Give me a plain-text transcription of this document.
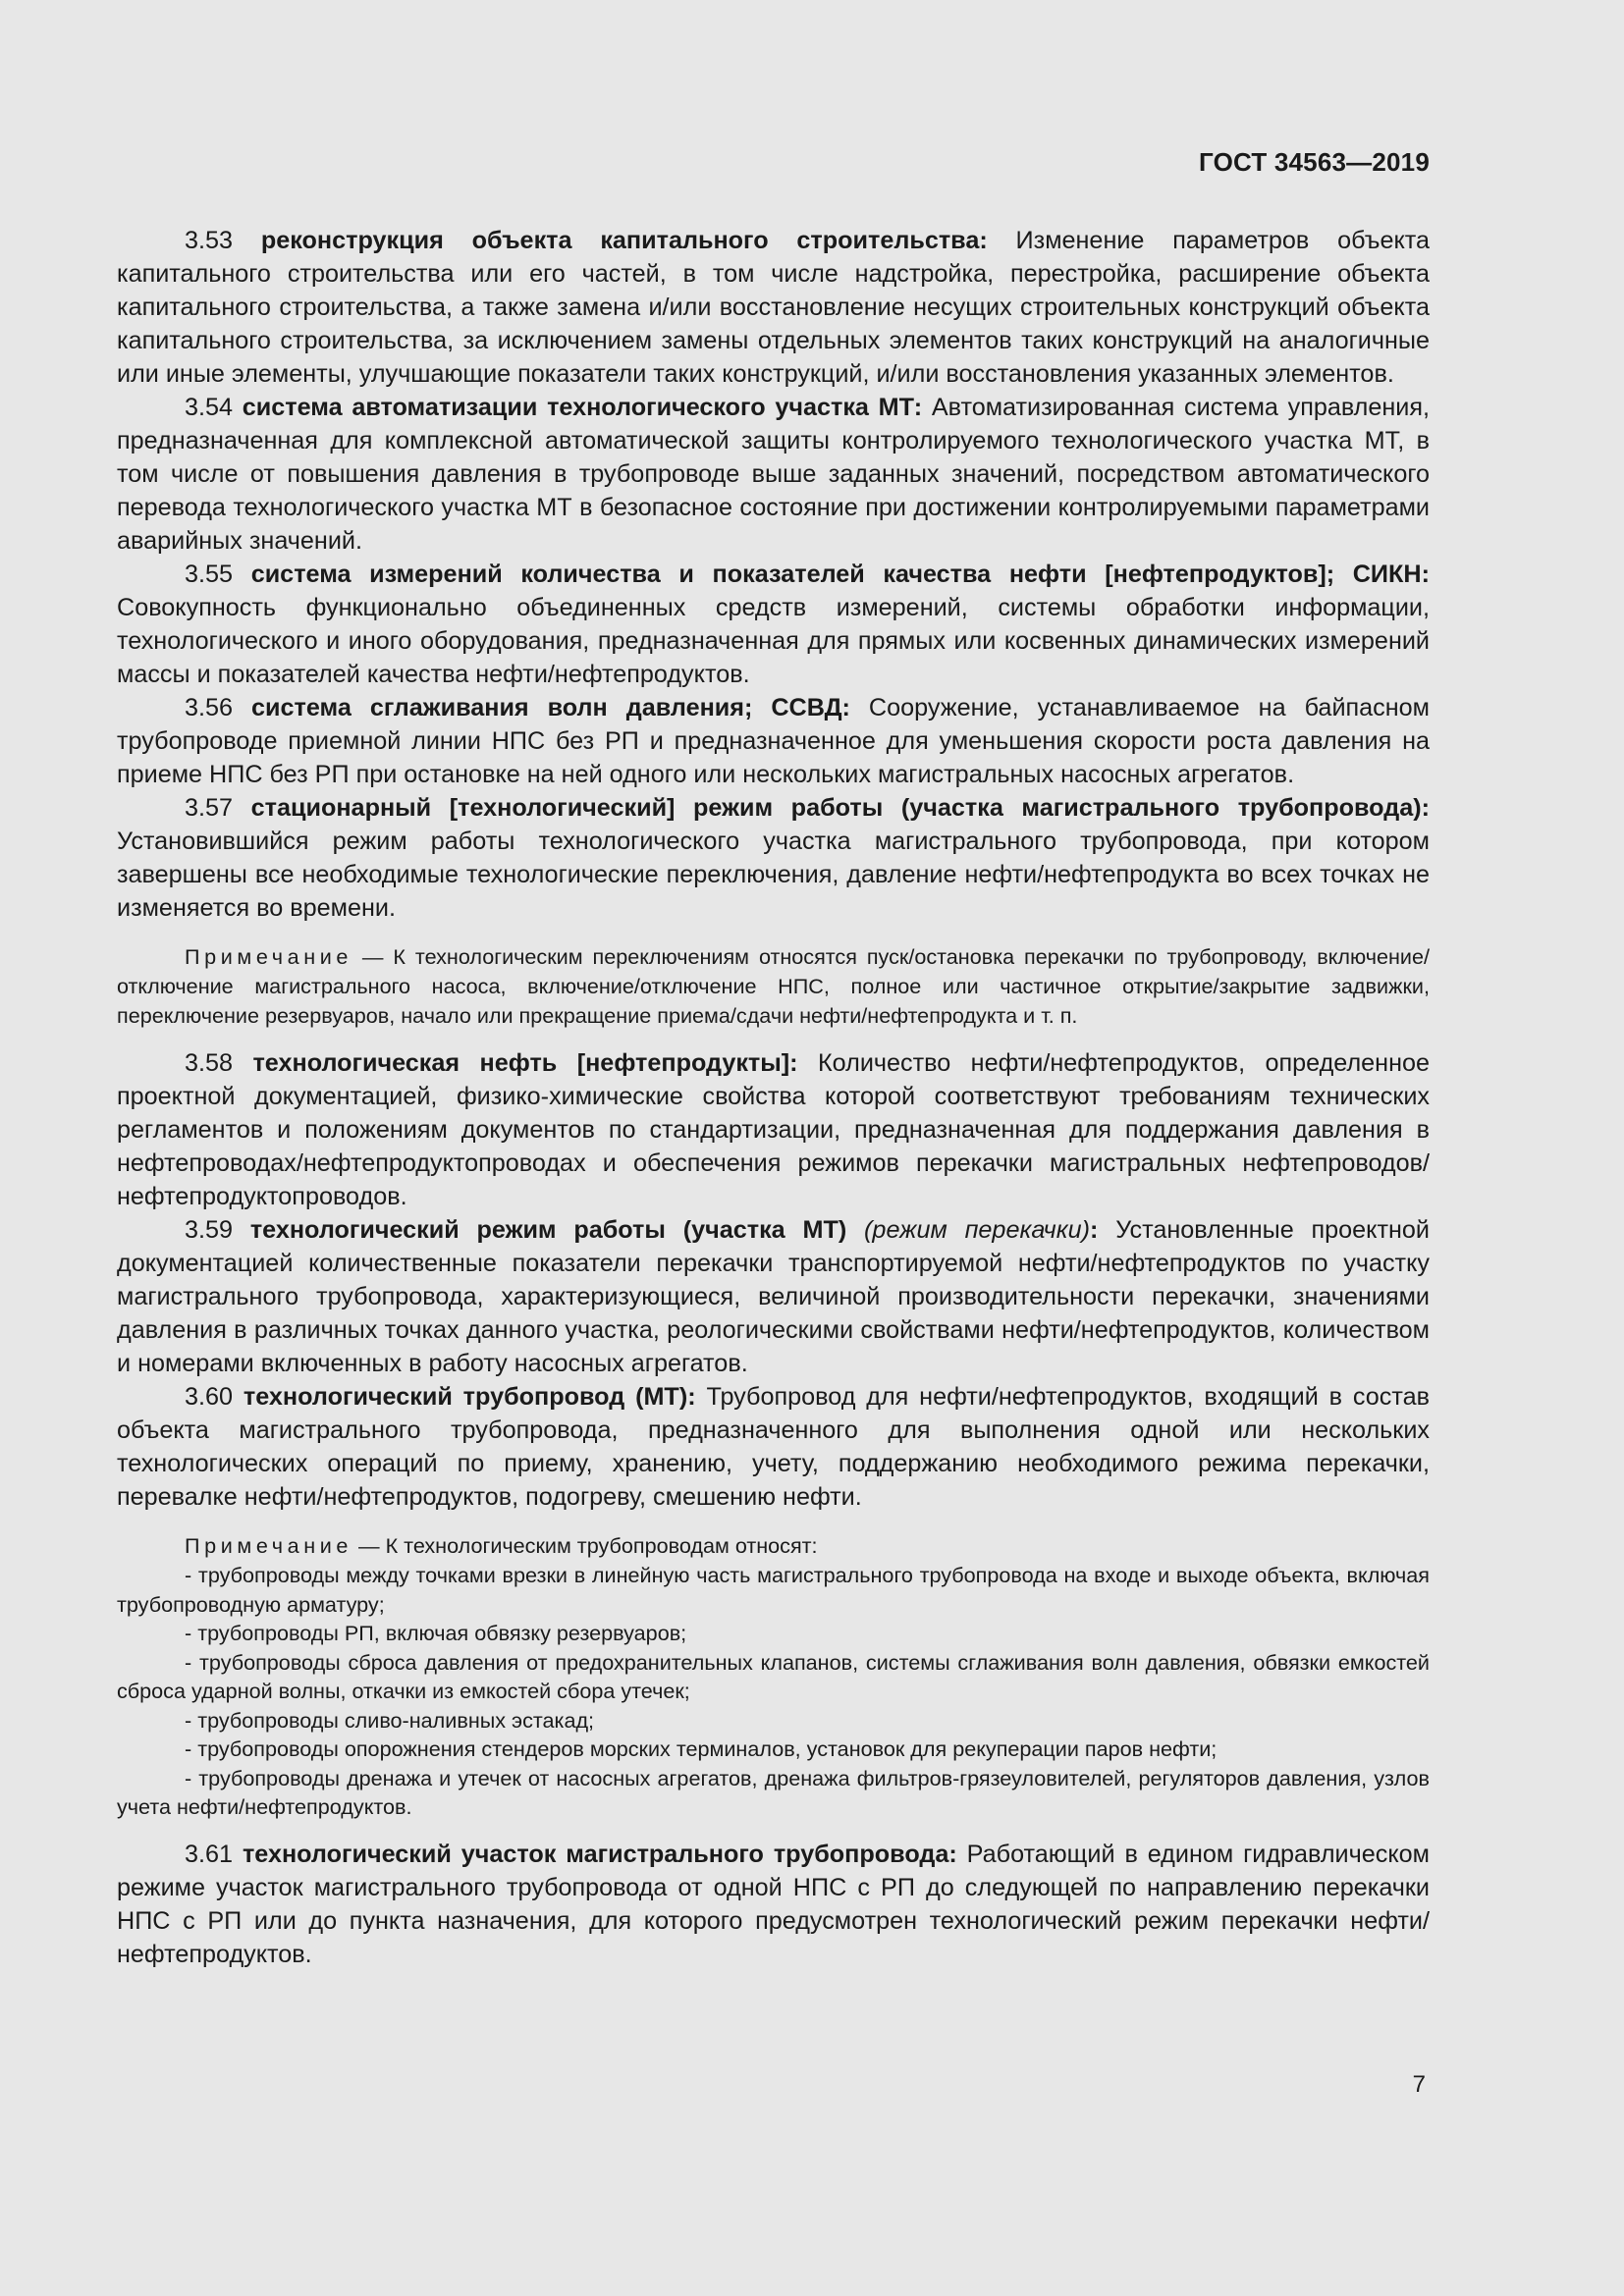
ГОСТ 34563—2019

3.53 реконструкция объекта капитального строительства: Изменение параметров объекта капитального строительства или его частей, в том числе надстройка, перестройка, расширение объекта капитального строительства, а также замена и/или восстановление несущих строительных конструкций объекта капитального строительства, за исключением замены отдельных элементов таких конструкций на аналогичные или иные элементы, улучшающие показатели таких конструкций, и/или восстановления указанных элементов.

3.54 система автоматизации технологического участка МТ: Автоматизированная система управления, предназначенная для комплексной автоматической защиты контролируемого технологического участка МТ, в том числе от повышения давления в трубопроводе выше заданных значений, посредством автоматического перевода технологического участка МТ в безопасное состояние при достижении контролируемыми параметрами аварийных значений.

3.55 система измерений количества и показателей качества нефти [нефтепродуктов]; СИКН: Совокупность функционально объединенных средств измерений, системы обработки информации, технологического и иного оборудования, предназначенная для прямых или косвенных динамических измерений массы и показателей качества нефти/нефтепродуктов.

3.56 система сглаживания волн давления; ССВД: Сооружение, устанавливаемое на байпасном трубопроводе приемной линии НПС без РП и предназначенное для уменьшения скорости роста давления на приеме НПС без РП при остановке на ней одного или нескольких магистральных насосных агрегатов.

3.57 стационарный [технологический] режим работы (участка магистрального трубопровода): Установившийся режим работы технологического участка магистрального трубопровода, при котором завершены все необходимые технологические переключения, давление нефти/нефтепродукта во всех точках не изменяется во времени.

Примечание — К технологическим переключениям относятся пуск/остановка перекачки по трубопроводу, включение/отключение магистрального насоса, включение/отключение НПС, полное или частичное открытие/закрытие задвижки, переключение резервуаров, начало или прекращение приема/сдачи нефти/нефтепродукта и т. п.

3.58 технологическая нефть [нефтепродукты]: Количество нефти/нефтепродуктов, определенное проектной документацией, физико-химические свойства которой соответствуют требованиям технических регламентов и положениям документов по стандартизации, предназначенная для поддержания давления в нефтепроводах/нефтепродуктопроводах и обеспечения режимов перекачки магистральных нефтепроводов/нефтепродуктопроводов.

3.59 технологический режим работы (участка МТ) (режим перекачки): Установленные проектной документацией количественные показатели перекачки транспортируемой нефти/нефтепродуктов по участку магистрального трубопровода, характеризующиеся, величиной производительности перекачки, значениями давления в различных точках данного участка, реологическими свойствами нефти/нефтепродуктов, количеством и номерами включенных в работу насосных агрегатов.

3.60 технологический трубопровод (МТ): Трубопровод для нефти/нефтепродуктов, входящий в состав объекта магистрального трубопровода, предназначенного для выполнения одной или нескольких технологических операций по приему, хранению, учету, поддержанию необходимого режима перекачки, перевалке нефти/нефтепродуктов, подогреву, смешению нефти.

Примечание — К технологическим трубопроводам относят:

- трубопроводы между точками врезки в линейную часть магистрального трубопровода на входе и выходе объекта, включая трубопроводную арматуру;

- трубопроводы РП, включая обвязку резервуаров;

- трубопроводы сброса давления от предохранительных клапанов, системы сглаживания волн давления, обвязки емкостей сброса ударной волны, откачки из емкостей сбора утечек;

- трубопроводы сливо-наливных эстакад;

- трубопроводы опорожнения стендеров морских терминалов, установок для рекуперации паров нефти;

- трубопроводы дренажа и утечек от насосных агрегатов, дренажа фильтров-грязеуловителей, регуляторов давления, узлов учета нефти/нефтепродуктов.

3.61 технологический участок магистрального трубопровода: Работающий в едином гидравлическом режиме участок магистрального трубопровода от одной НПС с РП до следующей по направлению перекачки НПС с РП или до пункта назначения, для которого предусмотрен технологический режим перекачки нефти/нефтепродуктов.

7
